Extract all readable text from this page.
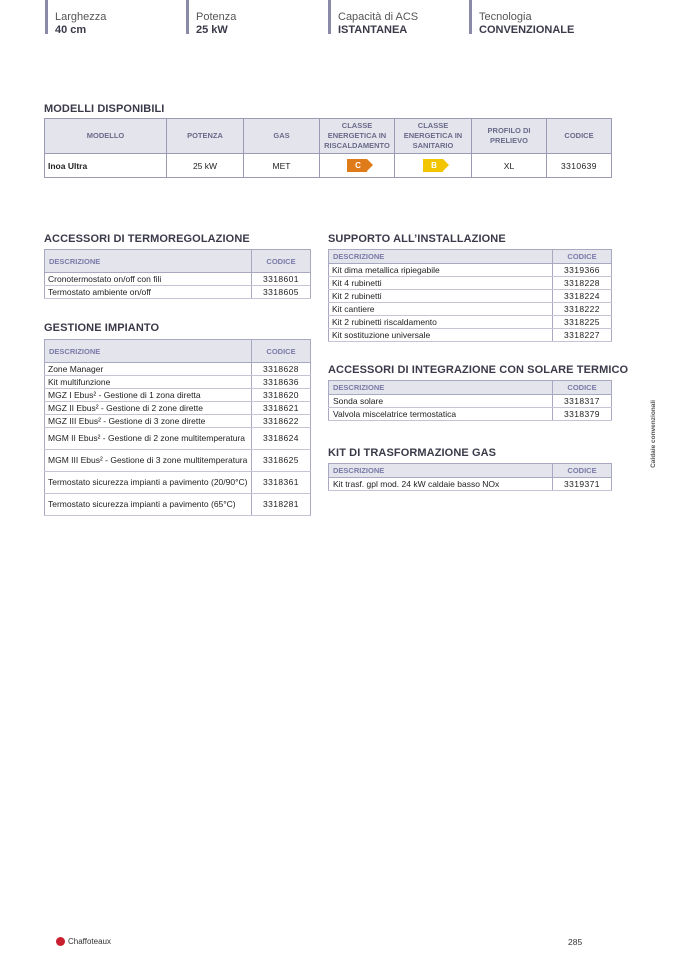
Larghezza
40 cm
Potenza
25 kW
Capacità di ACS
ISTANTANEA
Tecnologia
CONVENZIONALE
MODELLI DISPONIBILI
MODELLO	POTENZA	GAS	CLASSE ENERGETICA IN RISCALDAMENTO	CLASSE ENERGETICA IN SANITARIO	PROFILO DI PRELIEVO	CODICE
Inoa Ultra	25 kW	MET	C	B	XL	3310639
ACCESSORI DI TERMOREGOLAZIONE
DESCRIZIONE	CODICE
Cronotermostato on/off con fili	3318601
Termostato ambiente on/off	3318605
GESTIONE IMPIANTO
DESCRIZIONE	CODICE
Zone Manager	3318628
Kit multifunzione	3318636
MGZ I Ebus² - Gestione di 1 zona diretta	3318620
MGZ II Ebus² - Gestione di 2 zone dirette	3318621
MGZ III Ebus² - Gestione di 3 zone dirette	3318622
MGM II Ebus² - Gestione di 2 zone multitemperatura	3318624
MGM III Ebus² - Gestione di 3 zone multitemperatura	3318625
Termostato sicurezza impianti a pavimento (20/90°C)	3318361
Termostato sicurezza impianti a pavimento (65°C)	3318281
SUPPORTO ALL’INSTALLAZIONE
DESCRIZIONE	CODICE
Kit dima metallica ripiegabile	3319366
Kit 4 rubinetti	3318228
Kit 2 rubinetti	3318224
Kit cantiere	3318222
Kit 2 rubinetti riscaldamento	3318225
Kit sostituzione universale	3318227
ACCESSORI DI INTEGRAZIONE CON SOLARE TERMICO
DESCRIZIONE	CODICE
Sonda solare	3318317
Valvola miscelatrice termostatica	3318379
KIT DI TRASFORMAZIONE GAS
DESCRIZIONE	CODICE
Kit trasf. gpl mod. 24 kW caldaie basso NOx	3319371
Caldaie convenzionali
Chaffoteaux	285
